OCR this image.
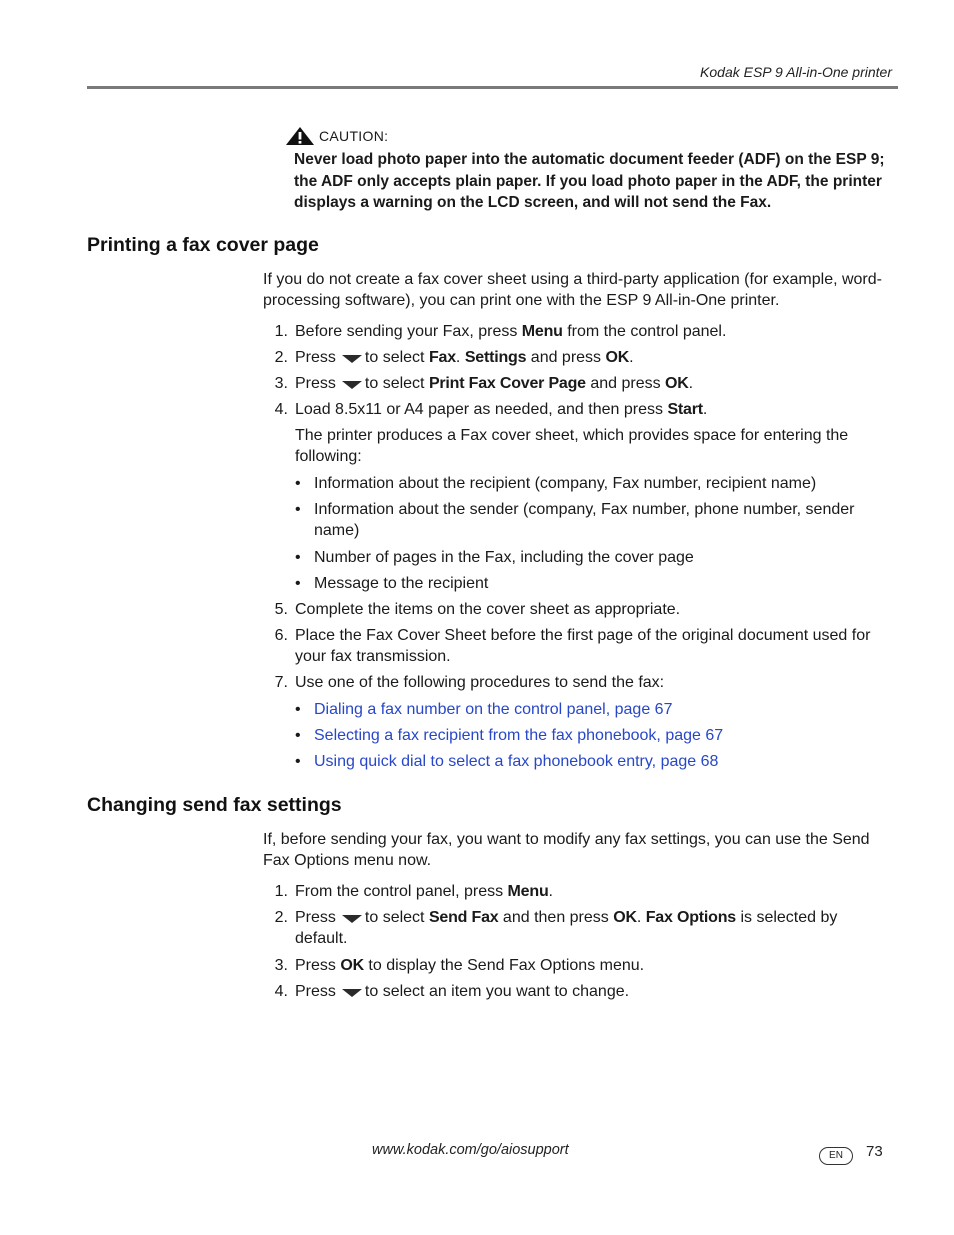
Kodak ESP 9 All-in-One printer
CAUTION:
Never load photo paper into the automatic document feeder (ADF) on the ESP 9; the ADF only accepts plain paper. If you load photo paper in the ADF, the printer displays a warning on the LCD screen, and will not send the Fax.
Printing a fax cover page
If you do not create a fax cover sheet using a third-party application (for example, word-processing software), you can print one with the ESP 9 All-in-One printer.
1. Before sending your Fax, press Menu from the control panel.
2. Press to select Fax. Settings and press OK.
3. Press to select Print Fax Cover Page and press OK.
4. Load 8.5x11 or A4 paper as needed, and then press Start.
The printer produces a Fax cover sheet, which provides space for entering the following:
• Information about the recipient (company, Fax number, recipient name)
• Information about the sender (company, Fax number, phone number, sender name)
• Number of pages in the Fax, including the cover page
• Message to the recipient
5. Complete the items on the cover sheet as appropriate.
6. Place the Fax Cover Sheet before the first page of the original document used for your fax transmission.
7. Use one of the following procedures to send the fax:
• Dialing a fax number on the control panel, page 67
• Selecting a fax recipient from the fax phonebook, page 67
• Using quick dial to select a fax phonebook entry, page 68
Changing send fax settings
If, before sending your fax, you want to modify any fax settings, you can use the Send Fax Options menu now.
1. From the control panel, press Menu.
2. Press to select Send Fax and then press OK. Fax Options is selected by default.
3. Press OK to display the Send Fax Options menu.
4. Press to select an item you want to change.
www.kodak.com/go/aiosupport	EN	73
